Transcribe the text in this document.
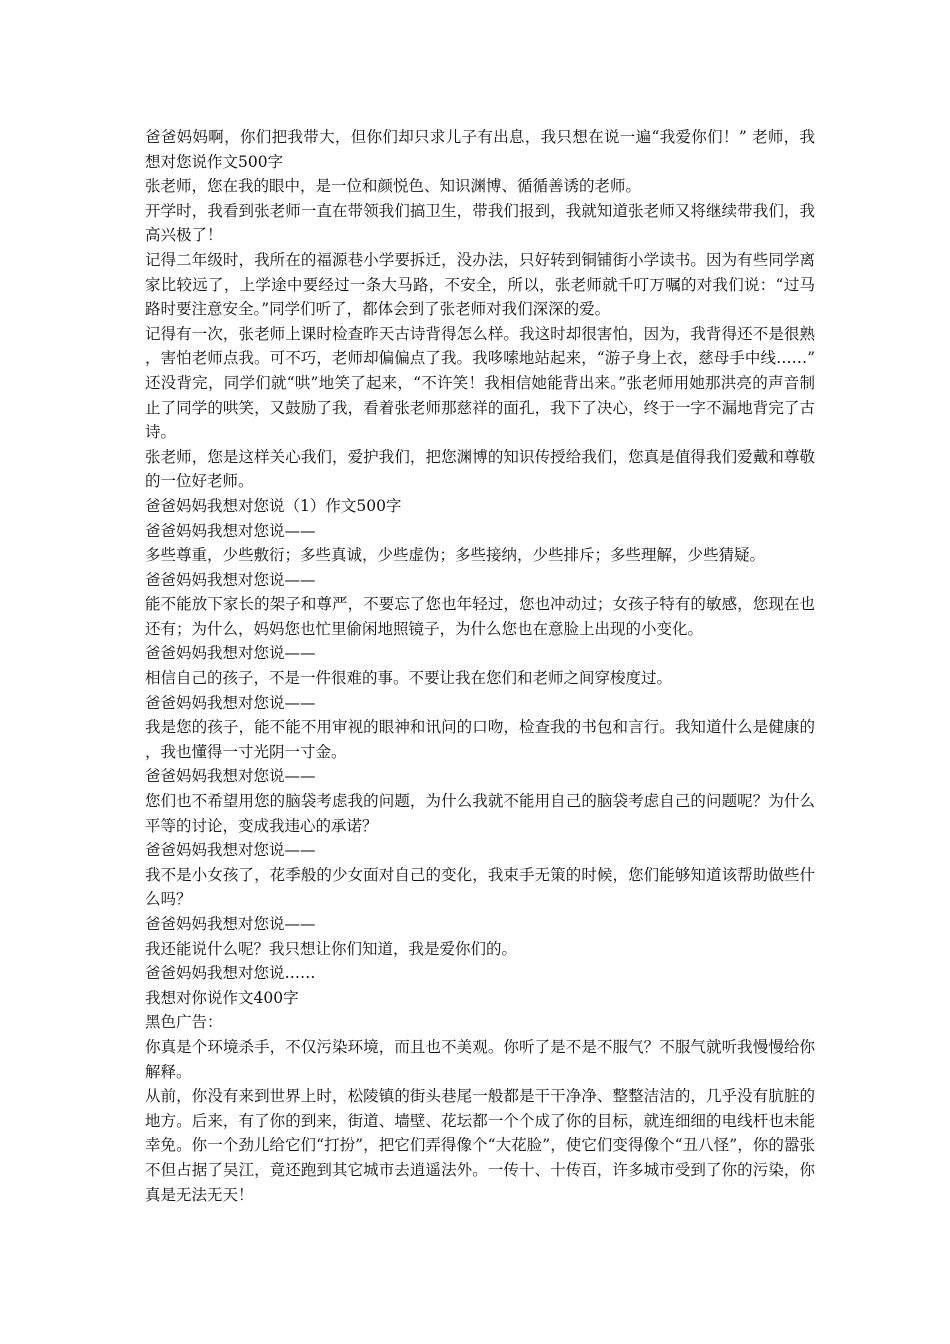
爸爸妈妈啊，你们把我带大，但你们却只求儿子有出息，我只想在说一遍“我爱你们！” 老师，我想对您说作文500字

张老师，您在我的眼中，是一位和颜悦色、知识渊博、循循善诱的老师。

开学时，我看到张老师一直在带领我们搞卫生，带我们报到，我就知道张老师又将继续带我们，我高兴极了！

记得二年级时，我所在的福源巷小学要拆迁，没办法，只好转到铜铺街小学读书。因为有些同学离家比较远了，上学途中要经过一条大马路，不安全，所以，张老师就千叮万嘱的对我们说：“过马路时要注意安全。”同学们听了，都体会到了张老师对我们深深的爱。

记得有一次，张老师上课时检查昨天古诗背得怎么样。我这时却很害怕，因为，我背得还不是很熟，害怕老师点我。可不巧，老师却偏偏点了我。我哆嗦地站起来，“游子身上衣，慈母手中线……”还没背完，同学们就“哄”地笑了起来，“不许笑！我相信她能背出来。”张老师用她那洪亮的声音制止了同学的哄笑，又鼓励了我，看着张老师那慈祥的面孔，我下了决心，终于一字不漏地背完了古诗。

张老师，您是这样关心我们，爱护我们，把您渊博的知识传授给我们，您真是值得我们爱戴和尊敬的一位好老师。

爸爸妈妈我想对您说（1）作文500字

爸爸妈妈我想对您说——

多些尊重，少些敷衍；多些真诚，少些虚伪；多些接纳，少些排斥；多些理解，少些猜疑。

爸爸妈妈我想对您说——

能不能放下家长的架子和尊严，不要忘了您也年轻过，您也冲动过；女孩子特有的敏感，您现在也还有；为什么，妈妈您也忙里偷闲地照镜子，为什么您也在意脸上出现的小变化。

爸爸妈妈我想对您说——

相信自己的孩子，不是一件很难的事。不要让我在您们和老师之间穿梭度过。

爸爸妈妈我想对您说——

我是您的孩子，能不能不用审视的眼神和讯问的口吻，检查我的书包和言行。我知道什么是健康的，我也懂得一寸光阴一寸金。

爸爸妈妈我想对您说——

您们也不希望用您的脑袋考虑我的问题，为什么我就不能用自己的脑袋考虑自己的问题呢？为什么平等的讨论，变成我违心的承诺？

爸爸妈妈我想对您说——

我不是小女孩了，花季般的少女面对自己的变化，我束手无策的时候，您们能够知道该帮助做些什么吗？

爸爸妈妈我想对您说——

我还能说什么呢？我只想让你们知道，我是爱你们的。

爸爸妈妈我想对您说……

我想对你说作文400字

黑色广告：

你真是个环境杀手，不仅污染环境，而且也不美观。你听了是不是不服气？不服气就听我慢慢给你解释。

从前，你没有来到世界上时，松陵镇的街头巷尾一般都是干干净净、整整洁洁的，几乎没有肮脏的地方。后来，有了你的到来，街道、墙壁、花坛都一个个成了你的目标，就连细细的电线杆也未能幸免。你一个劲儿给它们“打扮”，把它们弄得像个“大花脸”，使它们变得像个“丑八怪”，你的嚣张不但占据了吴江，竟还跑到其它城市去逍遥法外。一传十、十传百，许多城市受到了你的污染，你真是无法无天！
